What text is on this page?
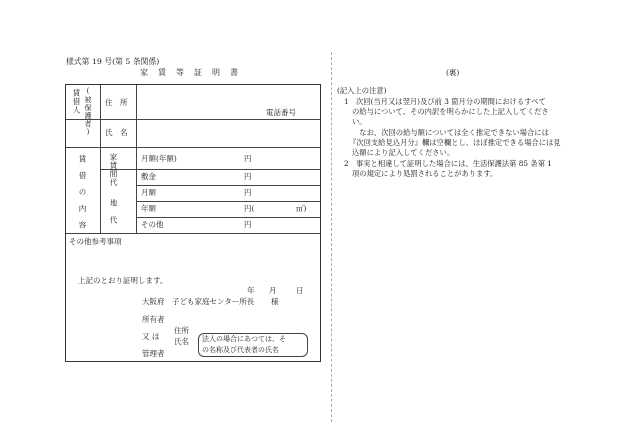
様式第 19 号(第 5 条関係)
家　賃　等　証　明　書
賃借人 (被保護者) 住　所
電話番号
氏　名
賃借の内容	家賃間代
地　代
月額(年額)	円
敷金	円
月額	円
年額	円(	㎡)
その他	円
その他参考事項
上記のとおり証明します。
年 月	日
大阪府 子ども家庭センター所長 様
所有者
又 は
管理者
住所
氏名 法人の場合にあつては、そ
の名称及び代表者の氏名
(裏)
(記入上の注意)
1　次回(当月又は翌月)及び前 3 箇月分の期間におけるすべて
の給与について、その内訳を明らかにした上記入してくださ
い。
　なお、次回の給与額については全く推定できない場合には
『次回支給見込月分』欄は空欄とし、ほぼ推定できる場合には見
込額により記入してください。
2　事実と相違して証明した場合には、生活保護法第 85 条第 1
項の規定により処罰されることがあります。
